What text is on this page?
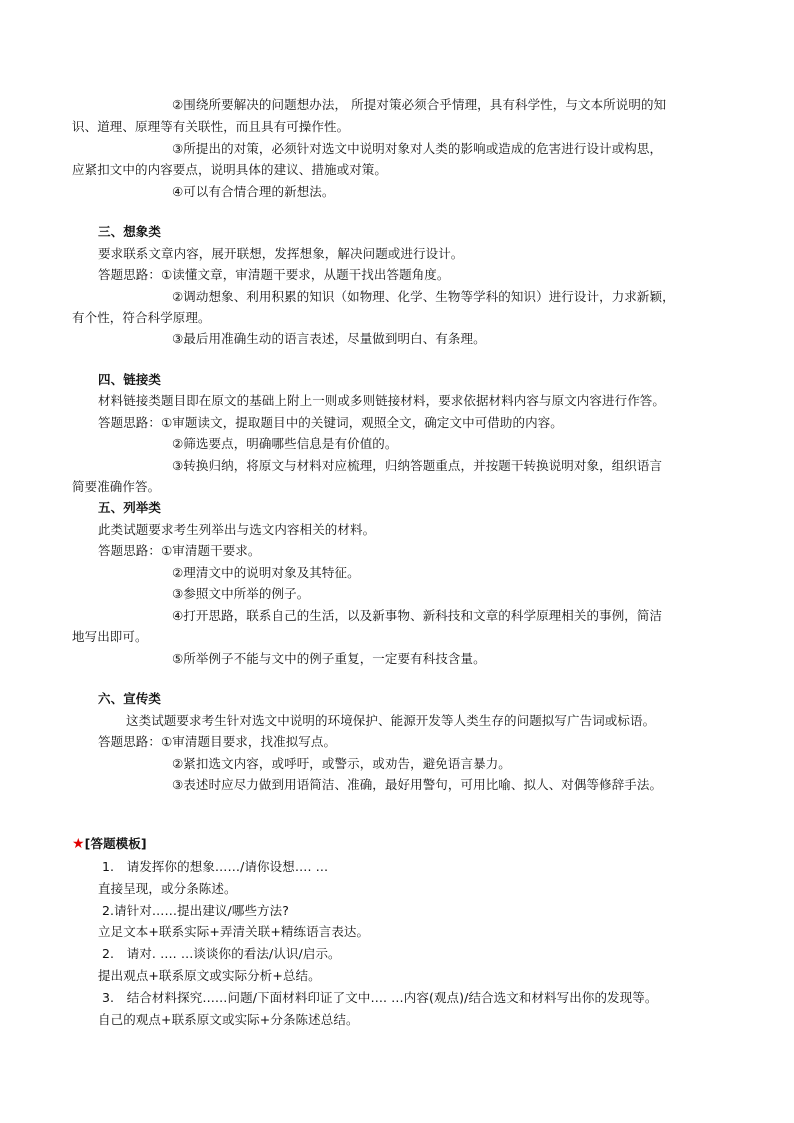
②围绕所要解决的问题想办法， 所提对策必须合乎情理，具有科学性，与文本所说明的知
识、道理、原理等有关联性，而且具有可操作性。
③所提出的对策，必须针对选文中说明对象对人类的影响或造成的危害进行设计或构思，
应紧扣文中的内容要点，说明具体的建议、措施或对策。
④可以有合情合理的新想法。
三、想象类
要求联系文章内容，展开联想，发挥想象，解决问题或进行设计。
答题思路：①读懂文章，审清题干要求，从题干找出答题角度。
②调动想象、利用积累的知识（如物理、化学、生物等学科的知识）进行设计，力求新颖，
有个性，符合科学原理。
③最后用准确生动的语言表述，尽量做到明白、有条理。
四、链接类
材料链接类题目即在原文的基础上附上一则或多则链接材料，要求依据材料内容与原文内容进行作答。
答题思路：①审题读文，提取题目中的关键词，观照全文，确定文中可借助的内容。
②筛选要点，明确哪些信息是有价值的。
③转换归纳，将原文与材料对应梳理，归纳答题重点，并按题干转换说明对象，组织语言
简要准确作答。
五、列举类
此类试题要求考生列举出与选文内容相关的材料。
答题思路：①审清题干要求。
②理清文中的说明对象及其特征。
③参照文中所举的例子。
④打开思路，联系自己的生活，以及新事物、新科技和文章的科学原理相关的事例，简洁
地写出即可。
⑤所举例子不能与文中的例子重复，一定要有科技含量。
六、宣传类
这类试题要求考生针对选文中说明的环境保护、能源开发等人类生存的问题拟写广告词或标语。
答题思路：①审清题目要求，找准拟写点。
②紧扣选文内容，或呼吁，或警示，或劝告，避免语言暴力。
③表述时应尽力做到用语简洁、准确，最好用警句，可用比喻、拟人、对偶等修辞手法。
★[答题模板]
1.　请发挥你的想象……/请你设想…. …
直接呈现，或分条陈述。
2.请针对……提出建议/哪些方法?
立足文本+联系实际+弄清关联+精练语言表达。
2.　请对. …. …谈谈你的看法/认识/启示。
提出观点+联系原文或实际分析+总结。
3.　结合材料探究……问题/下面材料印证了文中…. …内容(观点)/结合选文和材料写出你的发现等。
自己的观点+联系原文或实际+分条陈述总结。
